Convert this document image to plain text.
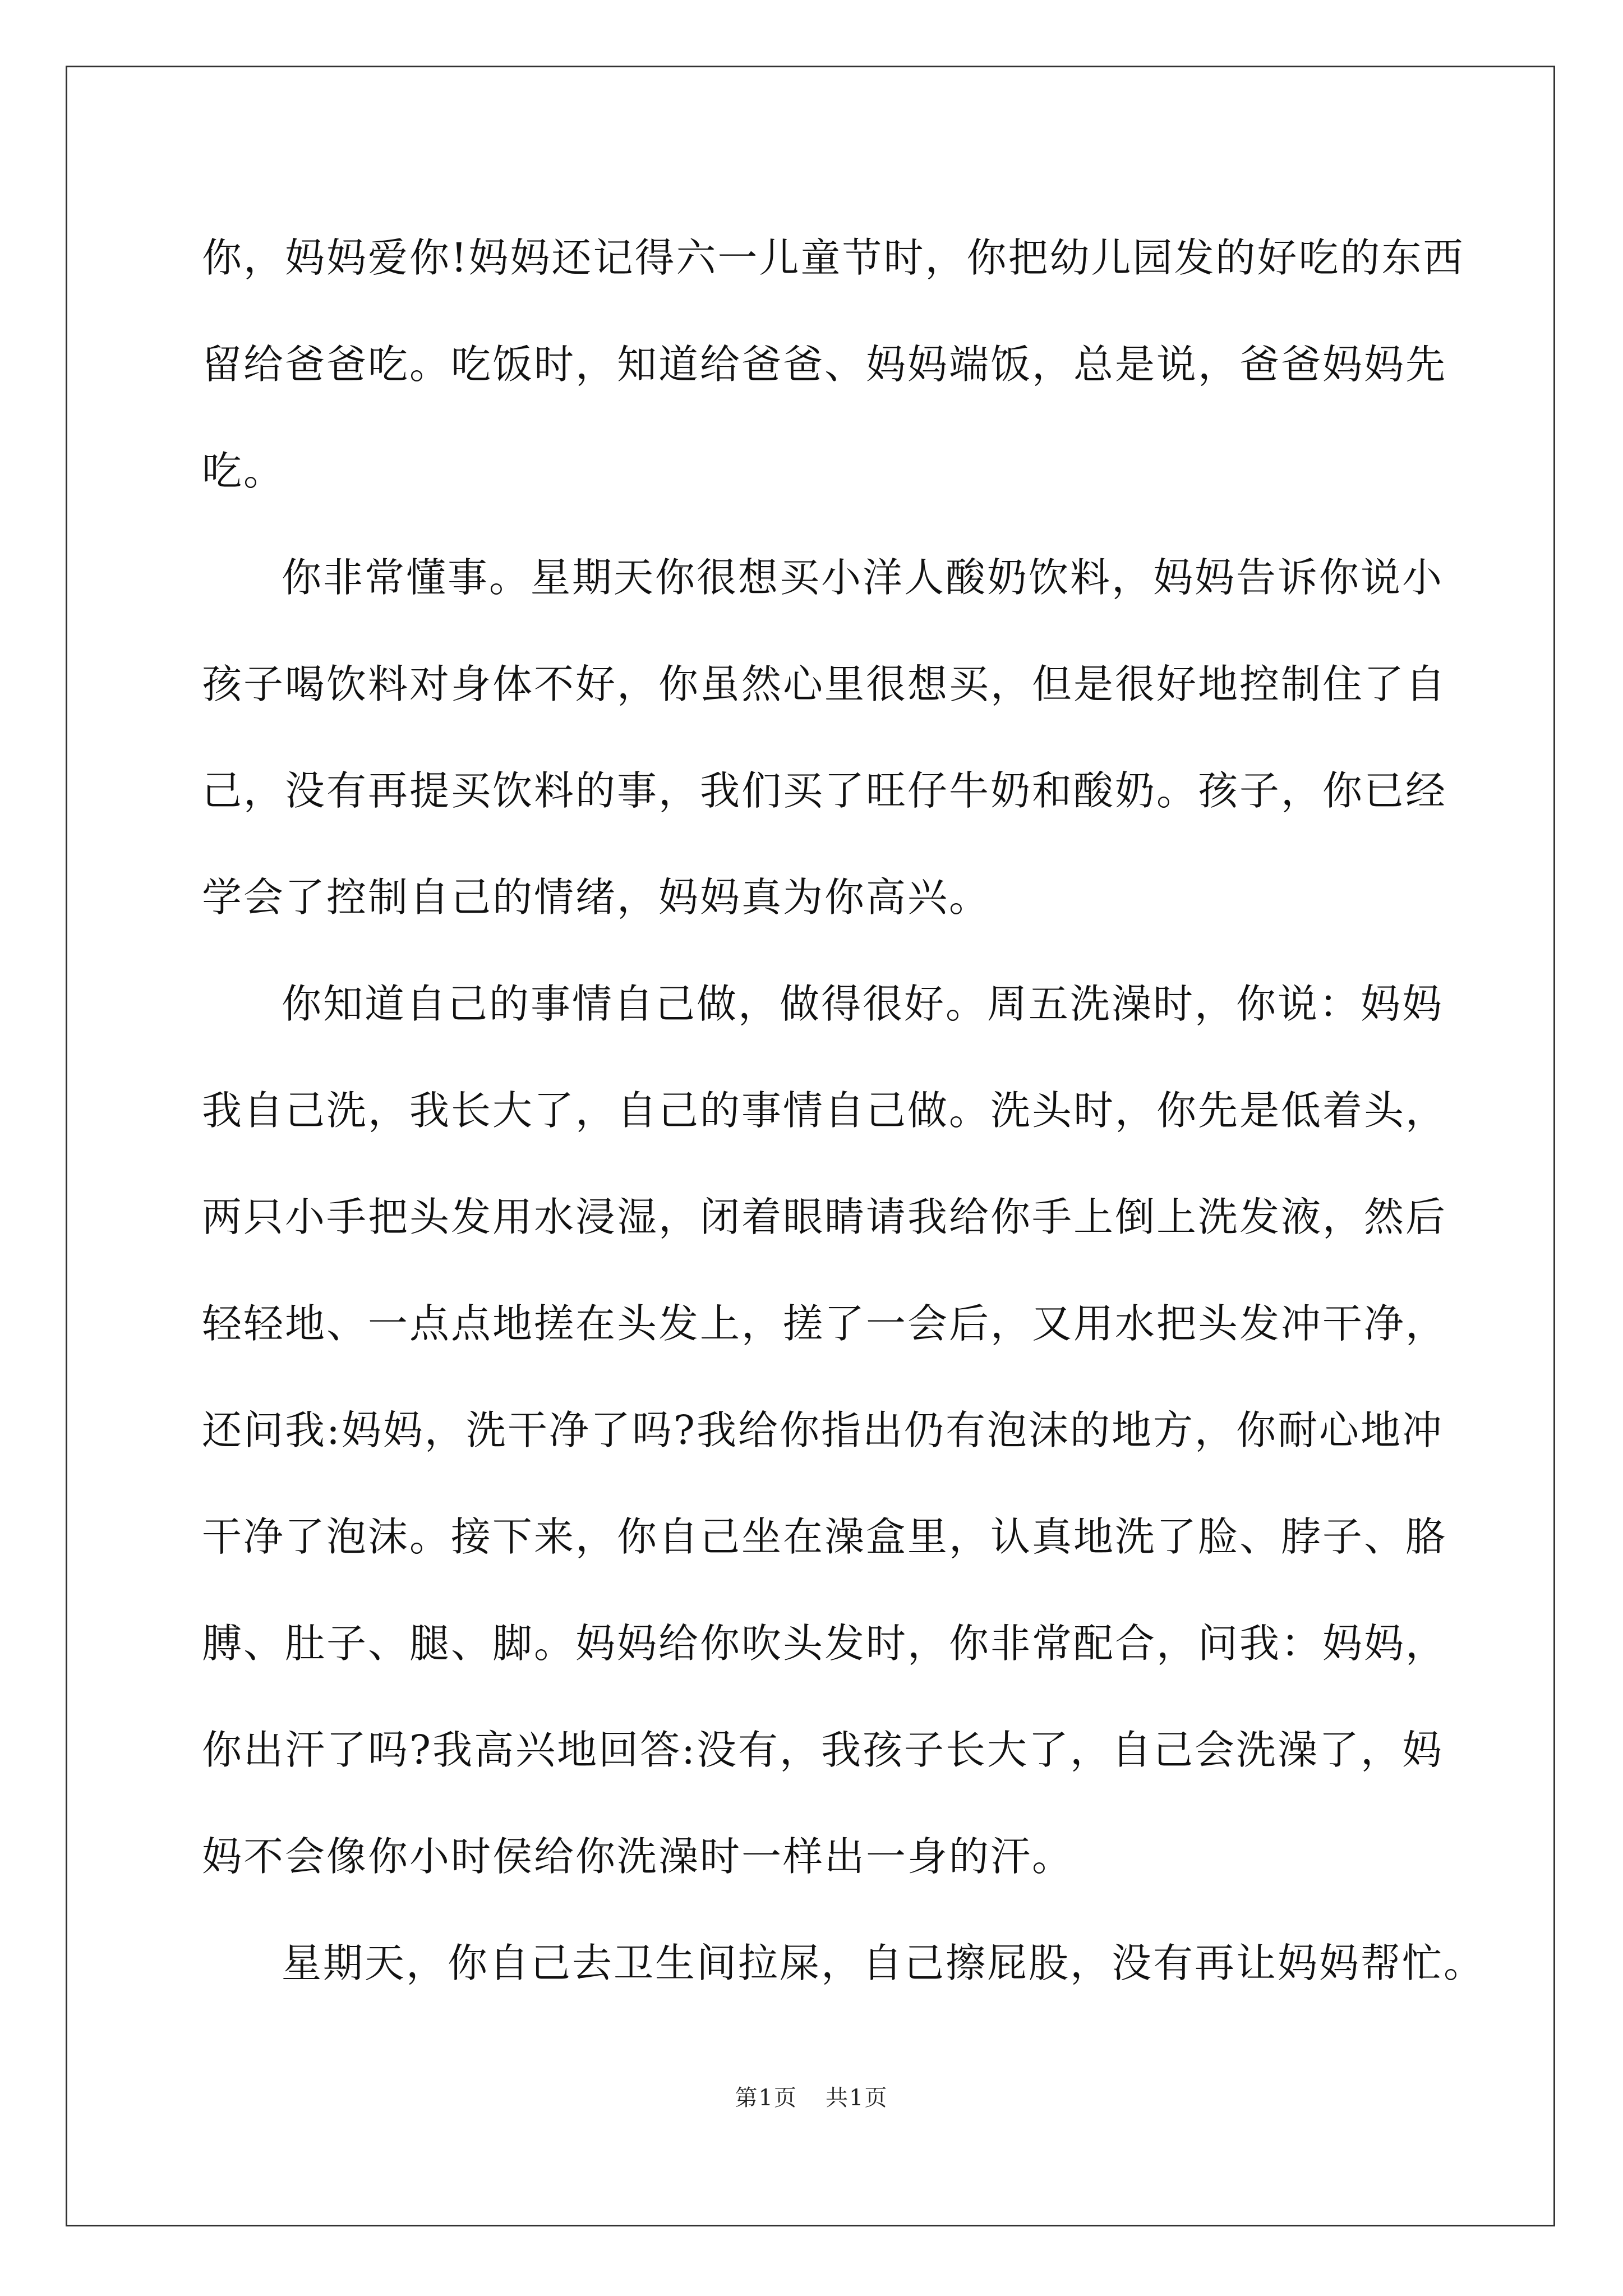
你，妈妈爱你!妈妈还记得六一儿童节时，你把幼儿园发的好吃的东西
留给爸爸吃。吃饭时，知道给爸爸、妈妈端饭，总是说，爸爸妈妈先
吃。
你非常懂事。星期天你很想买小洋人酸奶饮料，妈妈告诉你说小
孩子喝饮料对身体不好，你虽然心里很想买，但是很好地控制住了自
己，没有再提买饮料的事，我们买了旺仔牛奶和酸奶。孩子，你已经
学会了控制自己的情绪，妈妈真为你高兴。
你知道自己的事情自己做，做得很好。周五洗澡时，你说：妈妈
我自己洗，我长大了，自己的事情自己做。洗头时，你先是低着头，
两只小手把头发用水浸湿，闭着眼睛请我给你手上倒上洗发液，然后
轻轻地、一点点地搓在头发上，搓了一会后，又用水把头发冲干净，
还问我:妈妈，洗干净了吗?我给你指出仍有泡沫的地方，你耐心地冲
干净了泡沫。接下来，你自己坐在澡盒里，认真地洗了脸、脖子、胳
膊、肚子、腿、脚。妈妈给你吹头发时，你非常配合，问我：妈妈，
你出汗了吗?我高兴地回答:没有，我孩子长大了，自己会洗澡了，妈
妈不会像你小时侯给你洗澡时一样出一身的汗。
星期天，你自己去卫生间拉屎，自己擦屁股，没有再让妈妈帮忙。
第1页 共1页
